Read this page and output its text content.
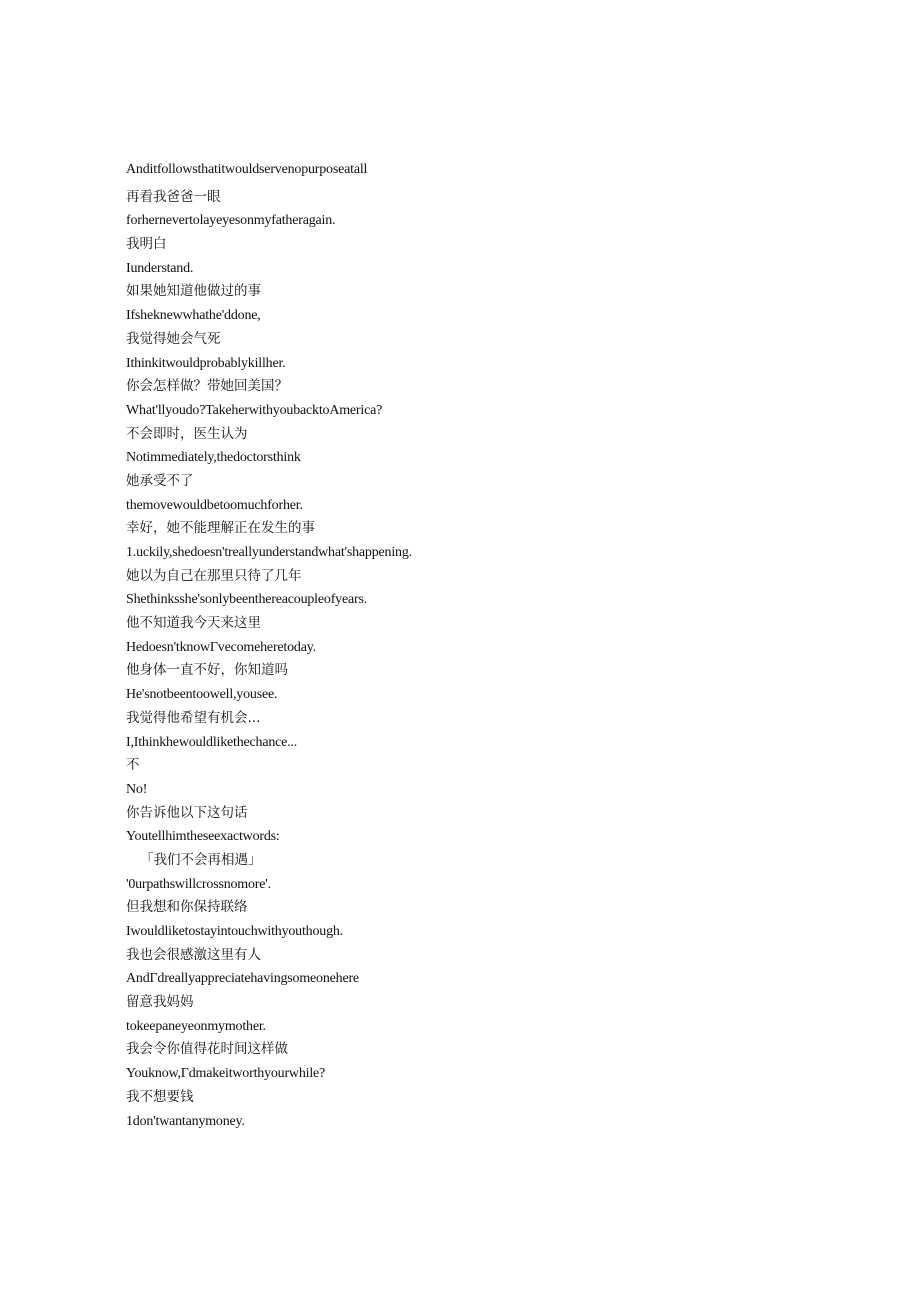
Anditfollowsthatitwouldservenopurposeatall
再看我爸爸一眼
forhernevertolayeyesonmyfatheragain.
我明白
Iunderstand.
如果她知道他做过的事
Ifsheknewwhathe'ddone,
我觉得她会气死
Ithinkitwouldprobablykillher.
你会怎样做？带她回美国？
What'llyoudo?TakeherwithyoubacktoAmerica?
不会即时，医生认为
Notimmediately,thedoctorsthink
她承受不了
themovewouldbetoomuchforher.
幸好，她不能理解正在发生的事
1.uckily,shedoesn'treallyunderstandwhat'shappening.
她以为自己在那里只待了几年
Shethinksshe'sonlybeenthereacoupleofyears.
他不知道我今天来这里
Hedoesn'tknowΓvecomeheretoday.
他身体一直不好，你知道吗
He'snotbeentoowell,yousee.
我觉得他希望有机会...
I,Ithinkhewouldlikethechance...
不
No!
你告诉他以下这句话
Youtellhimtheseexactwords:
「我们不会再相遇」
'0urpathswillcrossnomore'.
但我想和你保持联络
Iwouldliketostayintouchwithyouthough.
我也会很感激这里有人
AndΓdreallyappreciatehavingsomeonehere
留意我妈妈
tokeepaneyeonmymother.
我会令你值得花时间这样做
Youknow,Γdmakeitworthyourwhile?
我不想要钱
1don'twantanymoney.
